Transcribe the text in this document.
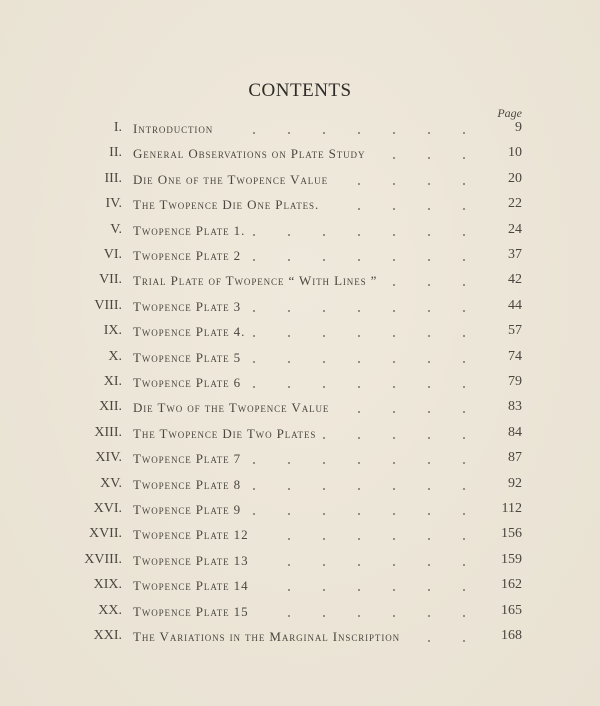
CONTENTS
Page
I. Introduction	9
II. General Observations on Plate Study	10
III. Die One of the Twopence Value	20
IV. The Twopence Die One Plates.	22
V. Twopence Plate 1.	24
VI. Twopence Plate 2	37
VII. Trial Plate of Twopence “ With Lines ”	42
VIII. Twopence Plate 3	44
IX. Twopence Plate 4.	57
X. Twopence Plate 5	74
XI. Twopence Plate 6	79
XII. Die Two of the Twopence Value	83
XIII. The Twopence Die Two Plates	84
XIV. Twopence Plate 7	87
XV. Twopence Plate 8	92
XVI. Twopence Plate 9	112
XVII. Twopence Plate 12	156
XVIII. Twopence Plate 13	159
XIX. Twopence Plate 14	162
XX. Twopence Plate 15	165
XXI. The Variations in the Marginal Inscription	168
